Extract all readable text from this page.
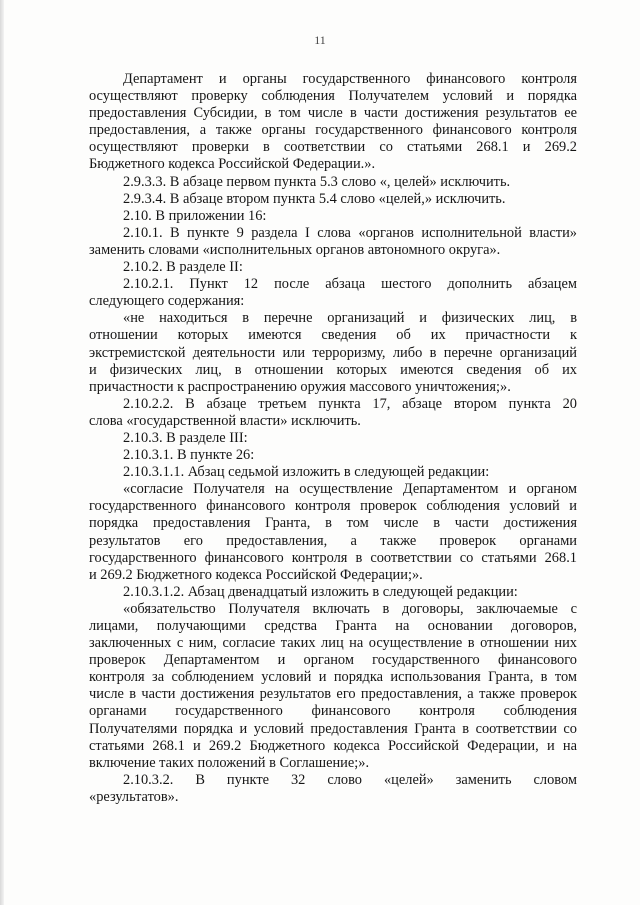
11
Департамент и органы государственного финансового контроля
осуществляют проверку соблюдения Получателем условий и порядка
предоставления Субсидии, в том числе в части достижения результатов ее
предоставления, а также органы государственного финансового контроля
осуществляют проверки в соответствии со статьями 268.1 и 269.2
Бюджетного кодекса Российской Федерации.».
2.9.3.3. В абзаце первом пункта 5.3 слово «, целей» исключить.
2.9.3.4. В абзаце втором пункта 5.4 слово «целей,» исключить.
2.10. В приложении 16:
2.10.1. В пункте 9 раздела I слова «органов исполнительной власти»
заменить словами «исполнительных органов автономного округа».
2.10.2. В разделе II:
2.10.2.1. Пункт 12 после абзаца шестого дополнить абзацем
следующего содержания:
«не находиться в перечне организаций и физических лиц, в
отношении которых имеются сведения об их причастности к
экстремистской деятельности или терроризму, либо в перечне организаций
и физических лиц, в отношении которых имеются сведения об их
причастности к распространению оружия массового уничтожения;».
2.10.2.2. В абзаце третьем пункта 17, абзаце втором пункта 20
слова «государственной власти» исключить.
2.10.3. В разделе III:
2.10.3.1. В пункте 26:
2.10.3.1.1. Абзац седьмой изложить в следующей редакции:
«согласие Получателя на осуществление Департаментом и органом
государственного финансового контроля проверок соблюдения условий и
порядка предоставления Гранта, в том числе в части достижения
результатов его предоставления, а также проверок органами
государственного финансового контроля в соответствии со статьями 268.1
и 269.2 Бюджетного кодекса Российской Федерации;».
2.10.3.1.2. Абзац двенадцатый изложить в следующей редакции:
«обязательство Получателя включать в договоры, заключаемые с
лицами, получающими средства Гранта на основании договоров,
заключенных с ним, согласие таких лиц на осуществление в отношении них
проверок Департаментом и органом государственного финансового
контроля за соблюдением условий и порядка использования Гранта, в том
числе в части достижения результатов его предоставления, а также проверок
органами государственного финансового контроля соблюдения
Получателями порядка и условий предоставления Гранта в соответствии со
статьями 268.1 и 269.2 Бюджетного кодекса Российской Федерации, и на
включение таких положений в Соглашение;».
2.10.3.2. В пункте 32 слово «целей» заменить словом
«результатов».
